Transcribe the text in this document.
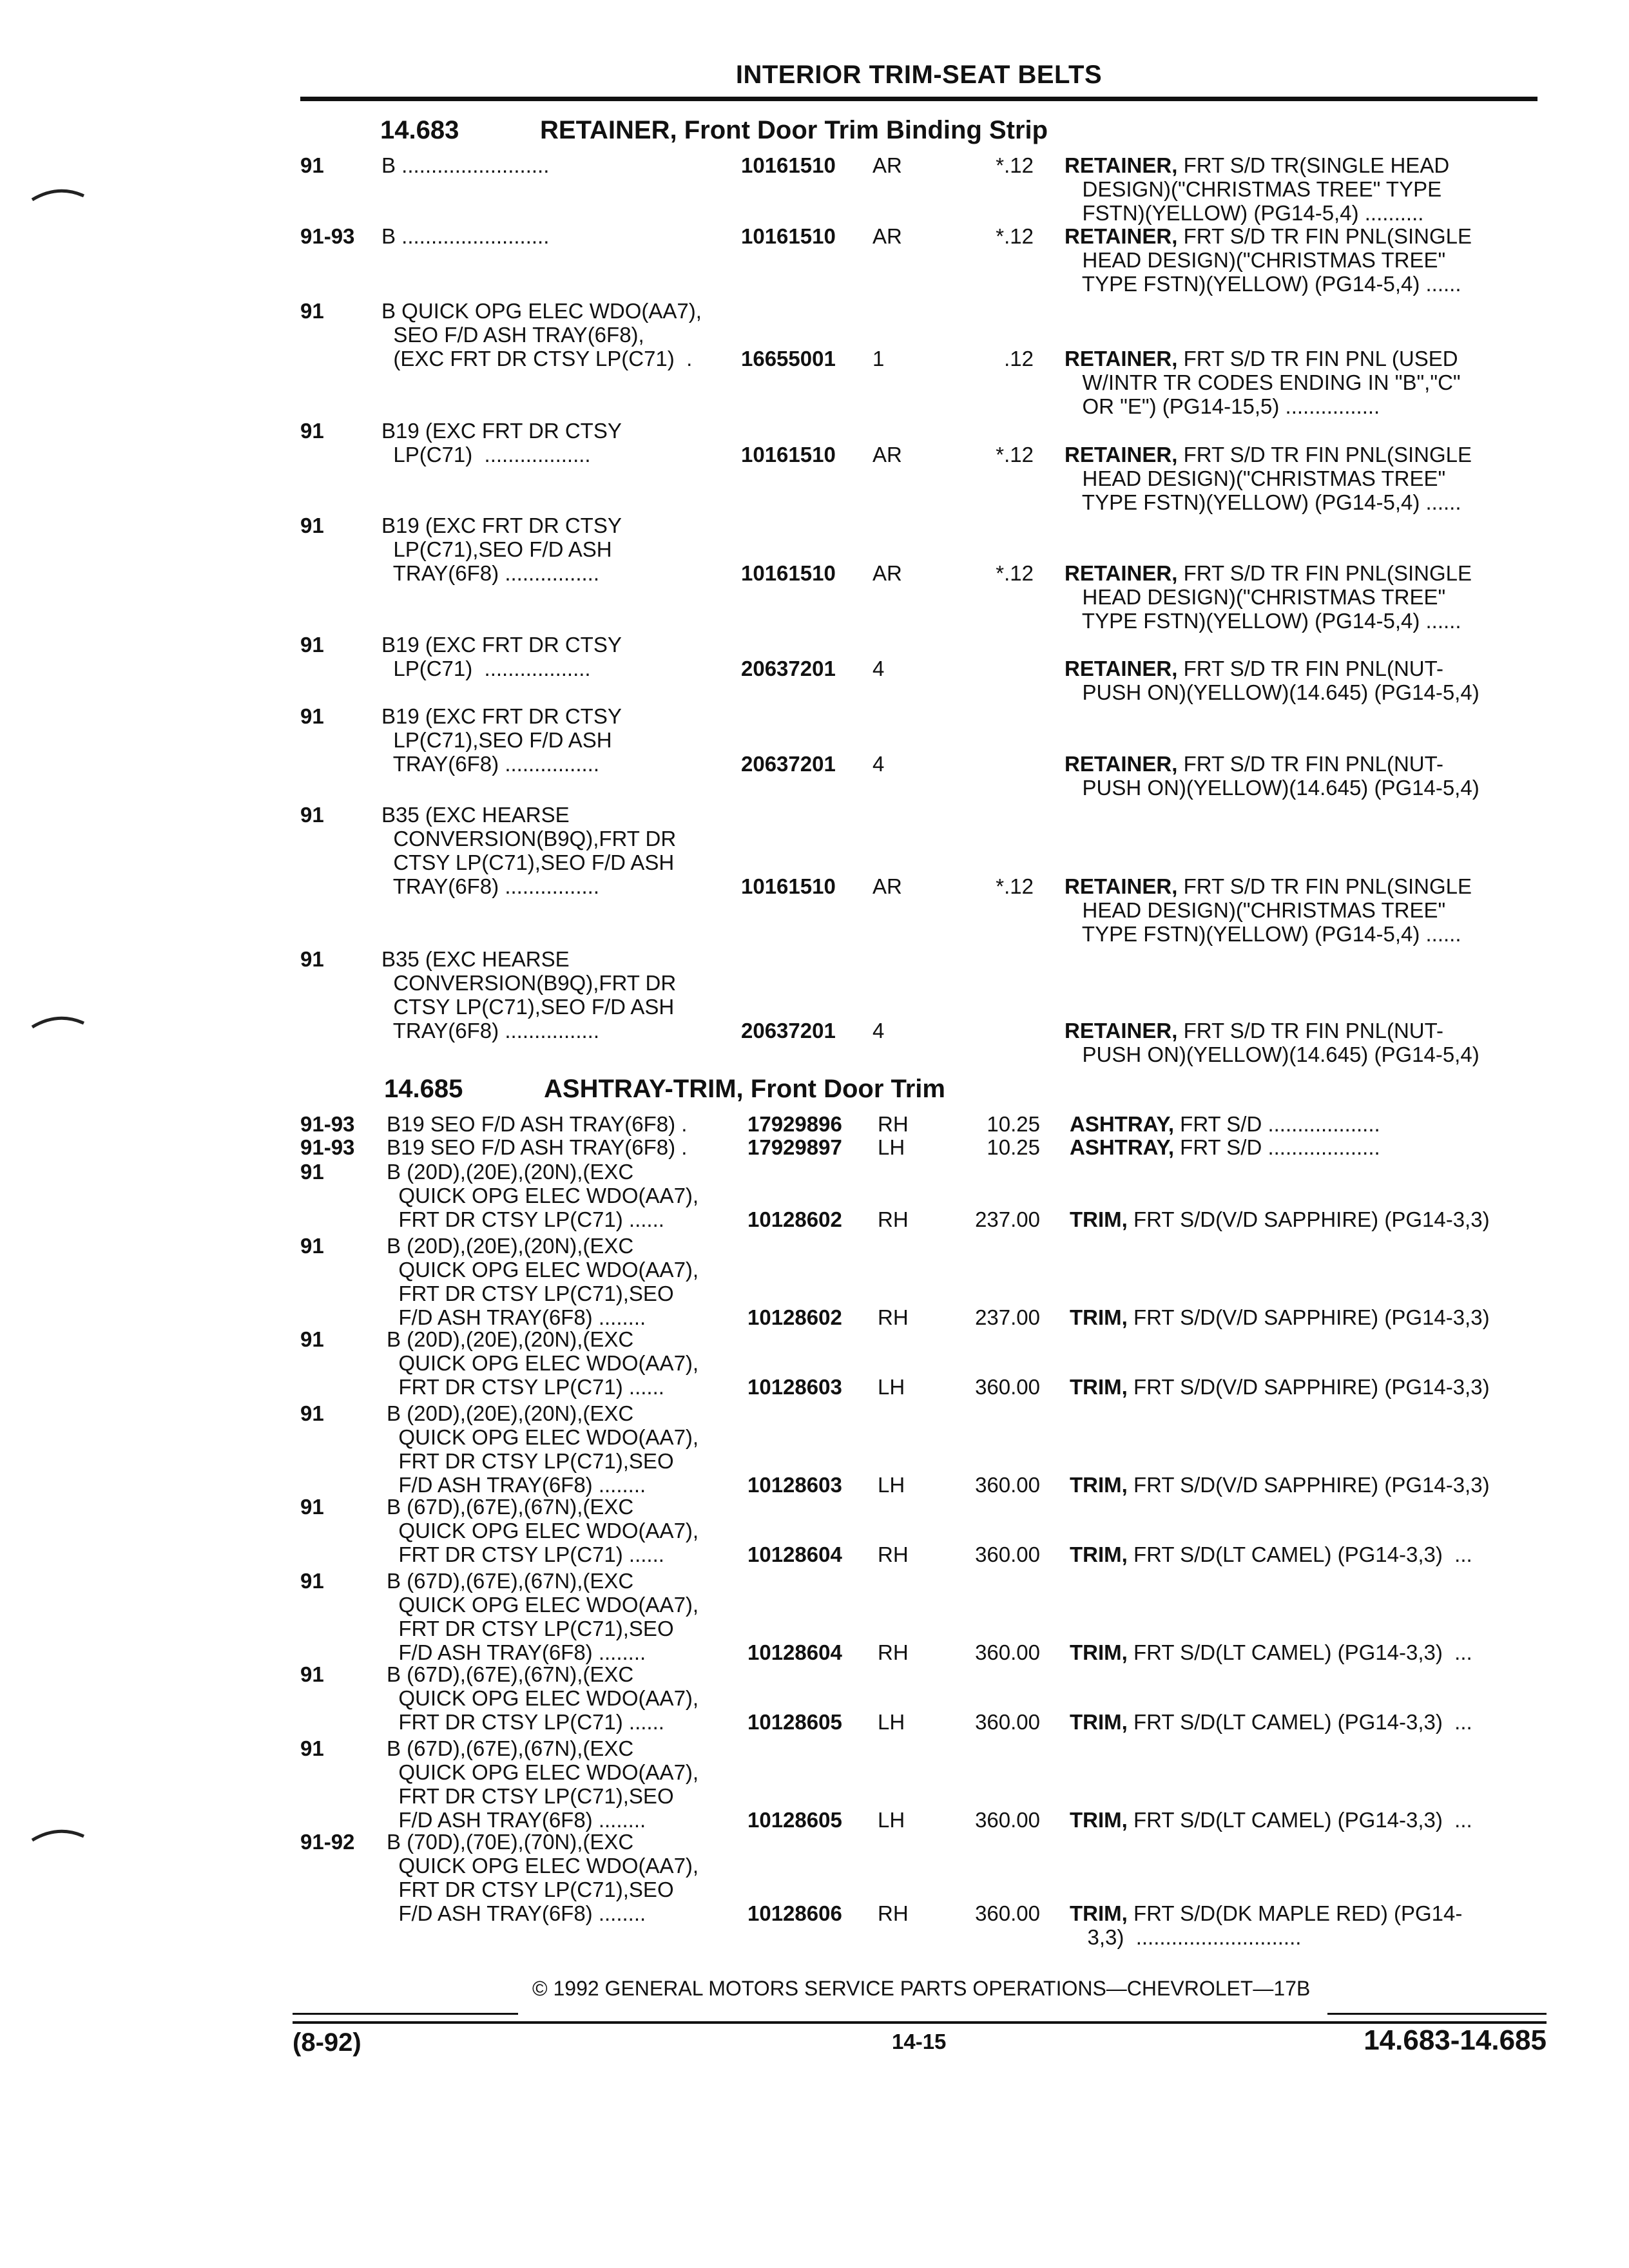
INTERIOR TRIM-SEAT BELTS
14.683	RETAINER, Front Door Trim Binding Strip
91	B .........................	10161510 AR	*.12 RETAINER, FRT S/D TR(SINGLE HEAD
DESIGN)("CHRISTMAS TREE" TYPE
FSTN)(YELLOW) (PG14-5,4) ..........
91-93 B .........................	10161510 AR	*.12 RETAINER, FRT S/D TR FIN PNL(SINGLE
HEAD DESIGN)("CHRISTMAS TREE"
TYPE FSTN)(YELLOW) (PG14-5,4) ......
91	B QUICK OPG ELEC WDO(AA7),
SEO F/D ASH TRAY(6F8),
(EXC FRT DR CTSY LP(C71)  . 16655001 1	.12 RETAINER, FRT S/D TR FIN PNL (USED
W/INTR TR CODES ENDING IN "B","C"
OR "E") (PG14-15,5) ................
91	B19 (EXC FRT DR CTSY
LP(C71)  ..................	10161510 AR	*.12 RETAINER, FRT S/D TR FIN PNL(SINGLE
HEAD DESIGN)("CHRISTMAS TREE"
TYPE FSTN)(YELLOW) (PG14-5,4) ......
91	B19 (EXC FRT DR CTSY
LP(C71),SEO F/D ASH
TRAY(6F8) ................	10161510 AR	*.12 RETAINER, FRT S/D TR FIN PNL(SINGLE
HEAD DESIGN)("CHRISTMAS TREE"
TYPE FSTN)(YELLOW) (PG14-5,4) ......
91	B19 (EXC FRT DR CTSY
LP(C71)  ..................	20637201 4	RETAINER, FRT S/D TR FIN PNL(NUT-
PUSH ON)(YELLOW)(14.645) (PG14-5,4)
91	B19 (EXC FRT DR CTSY
LP(C71),SEO F/D ASH
TRAY(6F8) ................	20637201 4	RETAINER, FRT S/D TR FIN PNL(NUT-
PUSH ON)(YELLOW)(14.645) (PG14-5,4)
91	B35 (EXC HEARSE
CONVERSION(B9Q),FRT DR
CTSY LP(C71),SEO F/D ASH
TRAY(6F8) ................	10161510 AR	*.12 RETAINER, FRT S/D TR FIN PNL(SINGLE
HEAD DESIGN)("CHRISTMAS TREE"
TYPE FSTN)(YELLOW) (PG14-5,4) ......
91	B35 (EXC HEARSE
CONVERSION(B9Q),FRT DR
CTSY LP(C71),SEO F/D ASH
TRAY(6F8) ................	20637201 4	RETAINER, FRT S/D TR FIN PNL(NUT-
PUSH ON)(YELLOW)(14.645) (PG14-5,4)
14.685	ASHTRAY-TRIM, Front Door Trim
91-93 B19 SEO F/D ASH TRAY(6F8) .	17929896 RH	10.25 ASHTRAY, FRT S/D ...................
91-93 B19 SEO F/D ASH TRAY(6F8) .	17929897 LH	10.25 ASHTRAY, FRT S/D ...................
91	B (20D),(20E),(20N),(EXC
QUICK OPG ELEC WDO(AA7),
FRT DR CTSY LP(C71) ......	10128602 RH	237.00 TRIM, FRT S/D(V/D SAPPHIRE) (PG14-3,3)
91	B (20D),(20E),(20N),(EXC
QUICK OPG ELEC WDO(AA7),
FRT DR CTSY LP(C71),SEO
F/D ASH TRAY(6F8) ........	10128602 RH	237.00 TRIM, FRT S/D(V/D SAPPHIRE) (PG14-3,3)
91	B (20D),(20E),(20N),(EXC
QUICK OPG ELEC WDO(AA7),
FRT DR CTSY LP(C71) ......	10128603 LH	360.00 TRIM, FRT S/D(V/D SAPPHIRE) (PG14-3,3)
91	B (20D),(20E),(20N),(EXC
QUICK OPG ELEC WDO(AA7),
FRT DR CTSY LP(C71),SEO
F/D ASH TRAY(6F8) ........	10128603 LH	360.00 TRIM, FRT S/D(V/D SAPPHIRE) (PG14-3,3)
91	B (67D),(67E),(67N),(EXC
QUICK OPG ELEC WDO(AA7),
FRT DR CTSY LP(C71) ......	10128604 RH	360.00 TRIM, FRT S/D(LT CAMEL) (PG14-3,3)  ...
91	B (67D),(67E),(67N),(EXC
QUICK OPG ELEC WDO(AA7),
FRT DR CTSY LP(C71),SEO
F/D ASH TRAY(6F8) ........	10128604 RH	360.00 TRIM, FRT S/D(LT CAMEL) (PG14-3,3)  ...
91	B (67D),(67E),(67N),(EXC
QUICK OPG ELEC WDO(AA7),
FRT DR CTSY LP(C71) ......	10128605 LH	360.00 TRIM, FRT S/D(LT CAMEL) (PG14-3,3)  ...
91	B (67D),(67E),(67N),(EXC
QUICK OPG ELEC WDO(AA7),
FRT DR CTSY LP(C71),SEO
F/D ASH TRAY(6F8) ........	10128605 LH	360.00 TRIM, FRT S/D(LT CAMEL) (PG14-3,3)  ...
91-92 B (70D),(70E),(70N),(EXC
QUICK OPG ELEC WDO(AA7),
FRT DR CTSY LP(C71),SEO
F/D ASH TRAY(6F8) ........	10128606 RH	360.00 TRIM, FRT S/D(DK MAPLE RED) (PG14-
3,3)  ............................
© 1992 GENERAL MOTORS SERVICE PARTS OPERATIONS—CHEVROLET—17B
(8-92)	14-15	14.683-14.685
